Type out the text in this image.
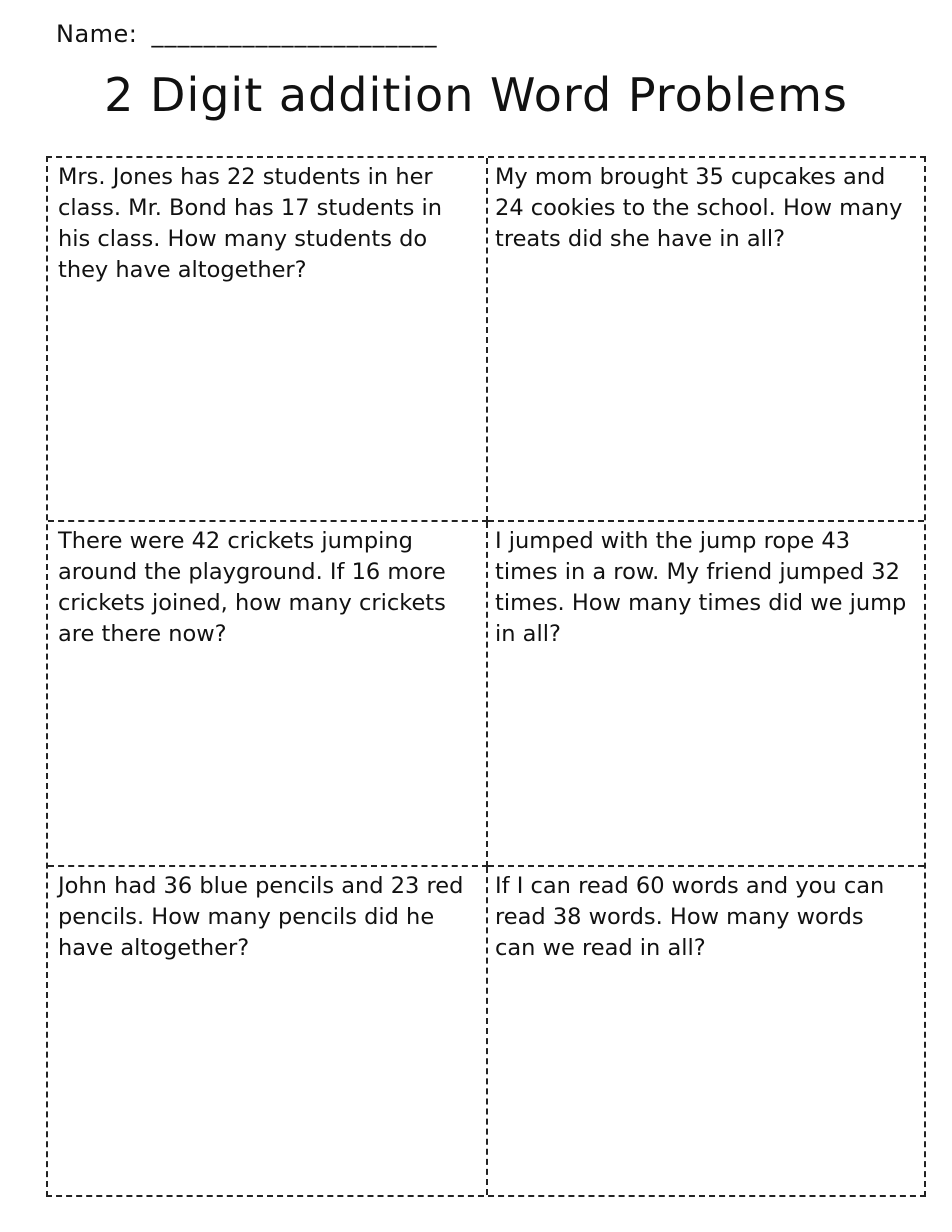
Name: ______________________
2 Digit addition Word Problems
Mrs. Jones has 22 students in her
class. Mr. Bond has 17 students in
his class. How many students do
they have altogether?
My mom brought 35 cupcakes and
24 cookies to the school. How many
treats did she have in all?
There were 42 crickets jumping
around the playground. If 16 more
crickets joined, how many crickets
are there now?
I jumped with the jump rope 43
times in a row. My friend jumped 32
times. How many times did we jump
in all?
John had 36 blue pencils and 23 red
pencils. How many pencils did he
have altogether?
If I can read 60 words and you can
read 38 words. How many words
can we read in all?
